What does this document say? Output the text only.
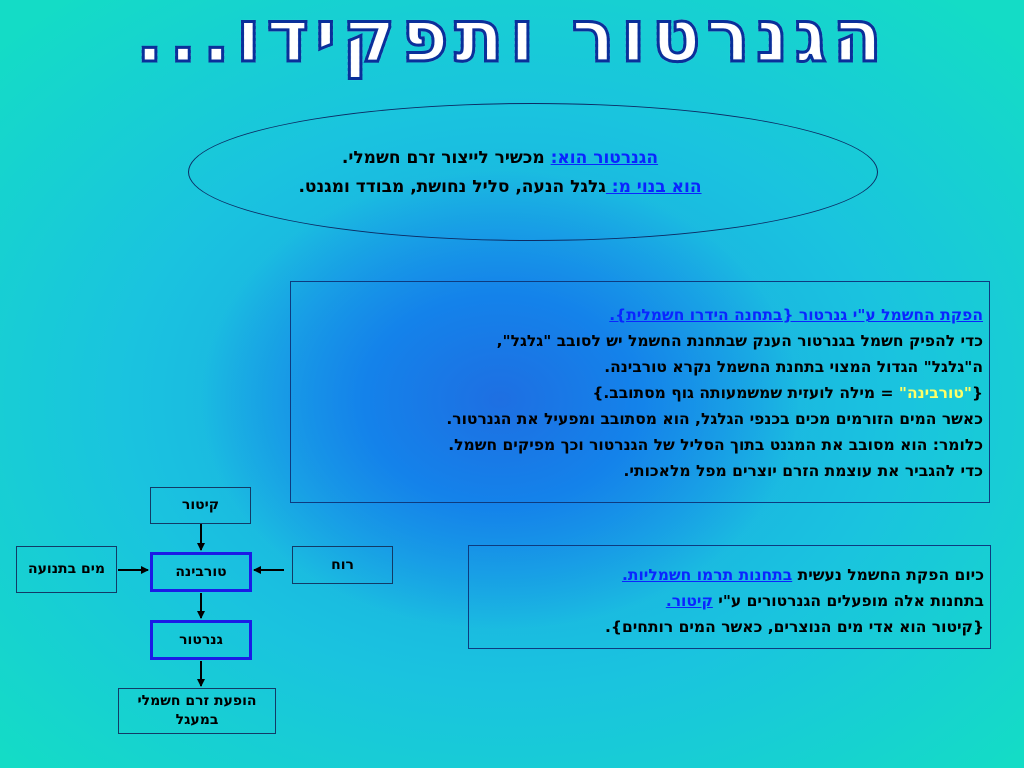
הגנרטור ותפקידו...
הגנרטור הוא: מכשיר לייצור זרם חשמלי.
הוא בנוי מ: גלגל הנעה, סליל נחושת, מבודד ומגנט.
הפקת החשמל ע"י גנרטור {בתחנה הידרו חשמלית}.
כדי להפיק חשמל בגנרטור הענק שבתחנת החשמל יש לסובב "גלגל",
ה"גלגל" הגדול המצוי בתחנת החשמל נקרא טורבינה.
{"טורבינה" = מילה לועזית שמשמעותה גוף מסתובב.}
כאשר המים הזורמים מכים בכנפי הגלגל, הוא מסתובב ומפעיל את הגנרטור.
כלומר: הוא מסובב את המגנט בתוך הסליל של הגנרטור וכך מפיקים חשמל.
כדי להגביר את עוצמת הזרם יוצרים מפל מלאכותי.
כיום הפקת החשמל נעשית בתחנות תרמו חשמליות.
בתחנות אלה מופעלים הגנרטורים ע"י קיטור.
{קיטור הוא אדי מים הנוצרים, כאשר המים רותחים}.
קיטור
מים בתנועה	טורבינה	רוח
גנרטור
הופעת זרם חשמלי במעגל
